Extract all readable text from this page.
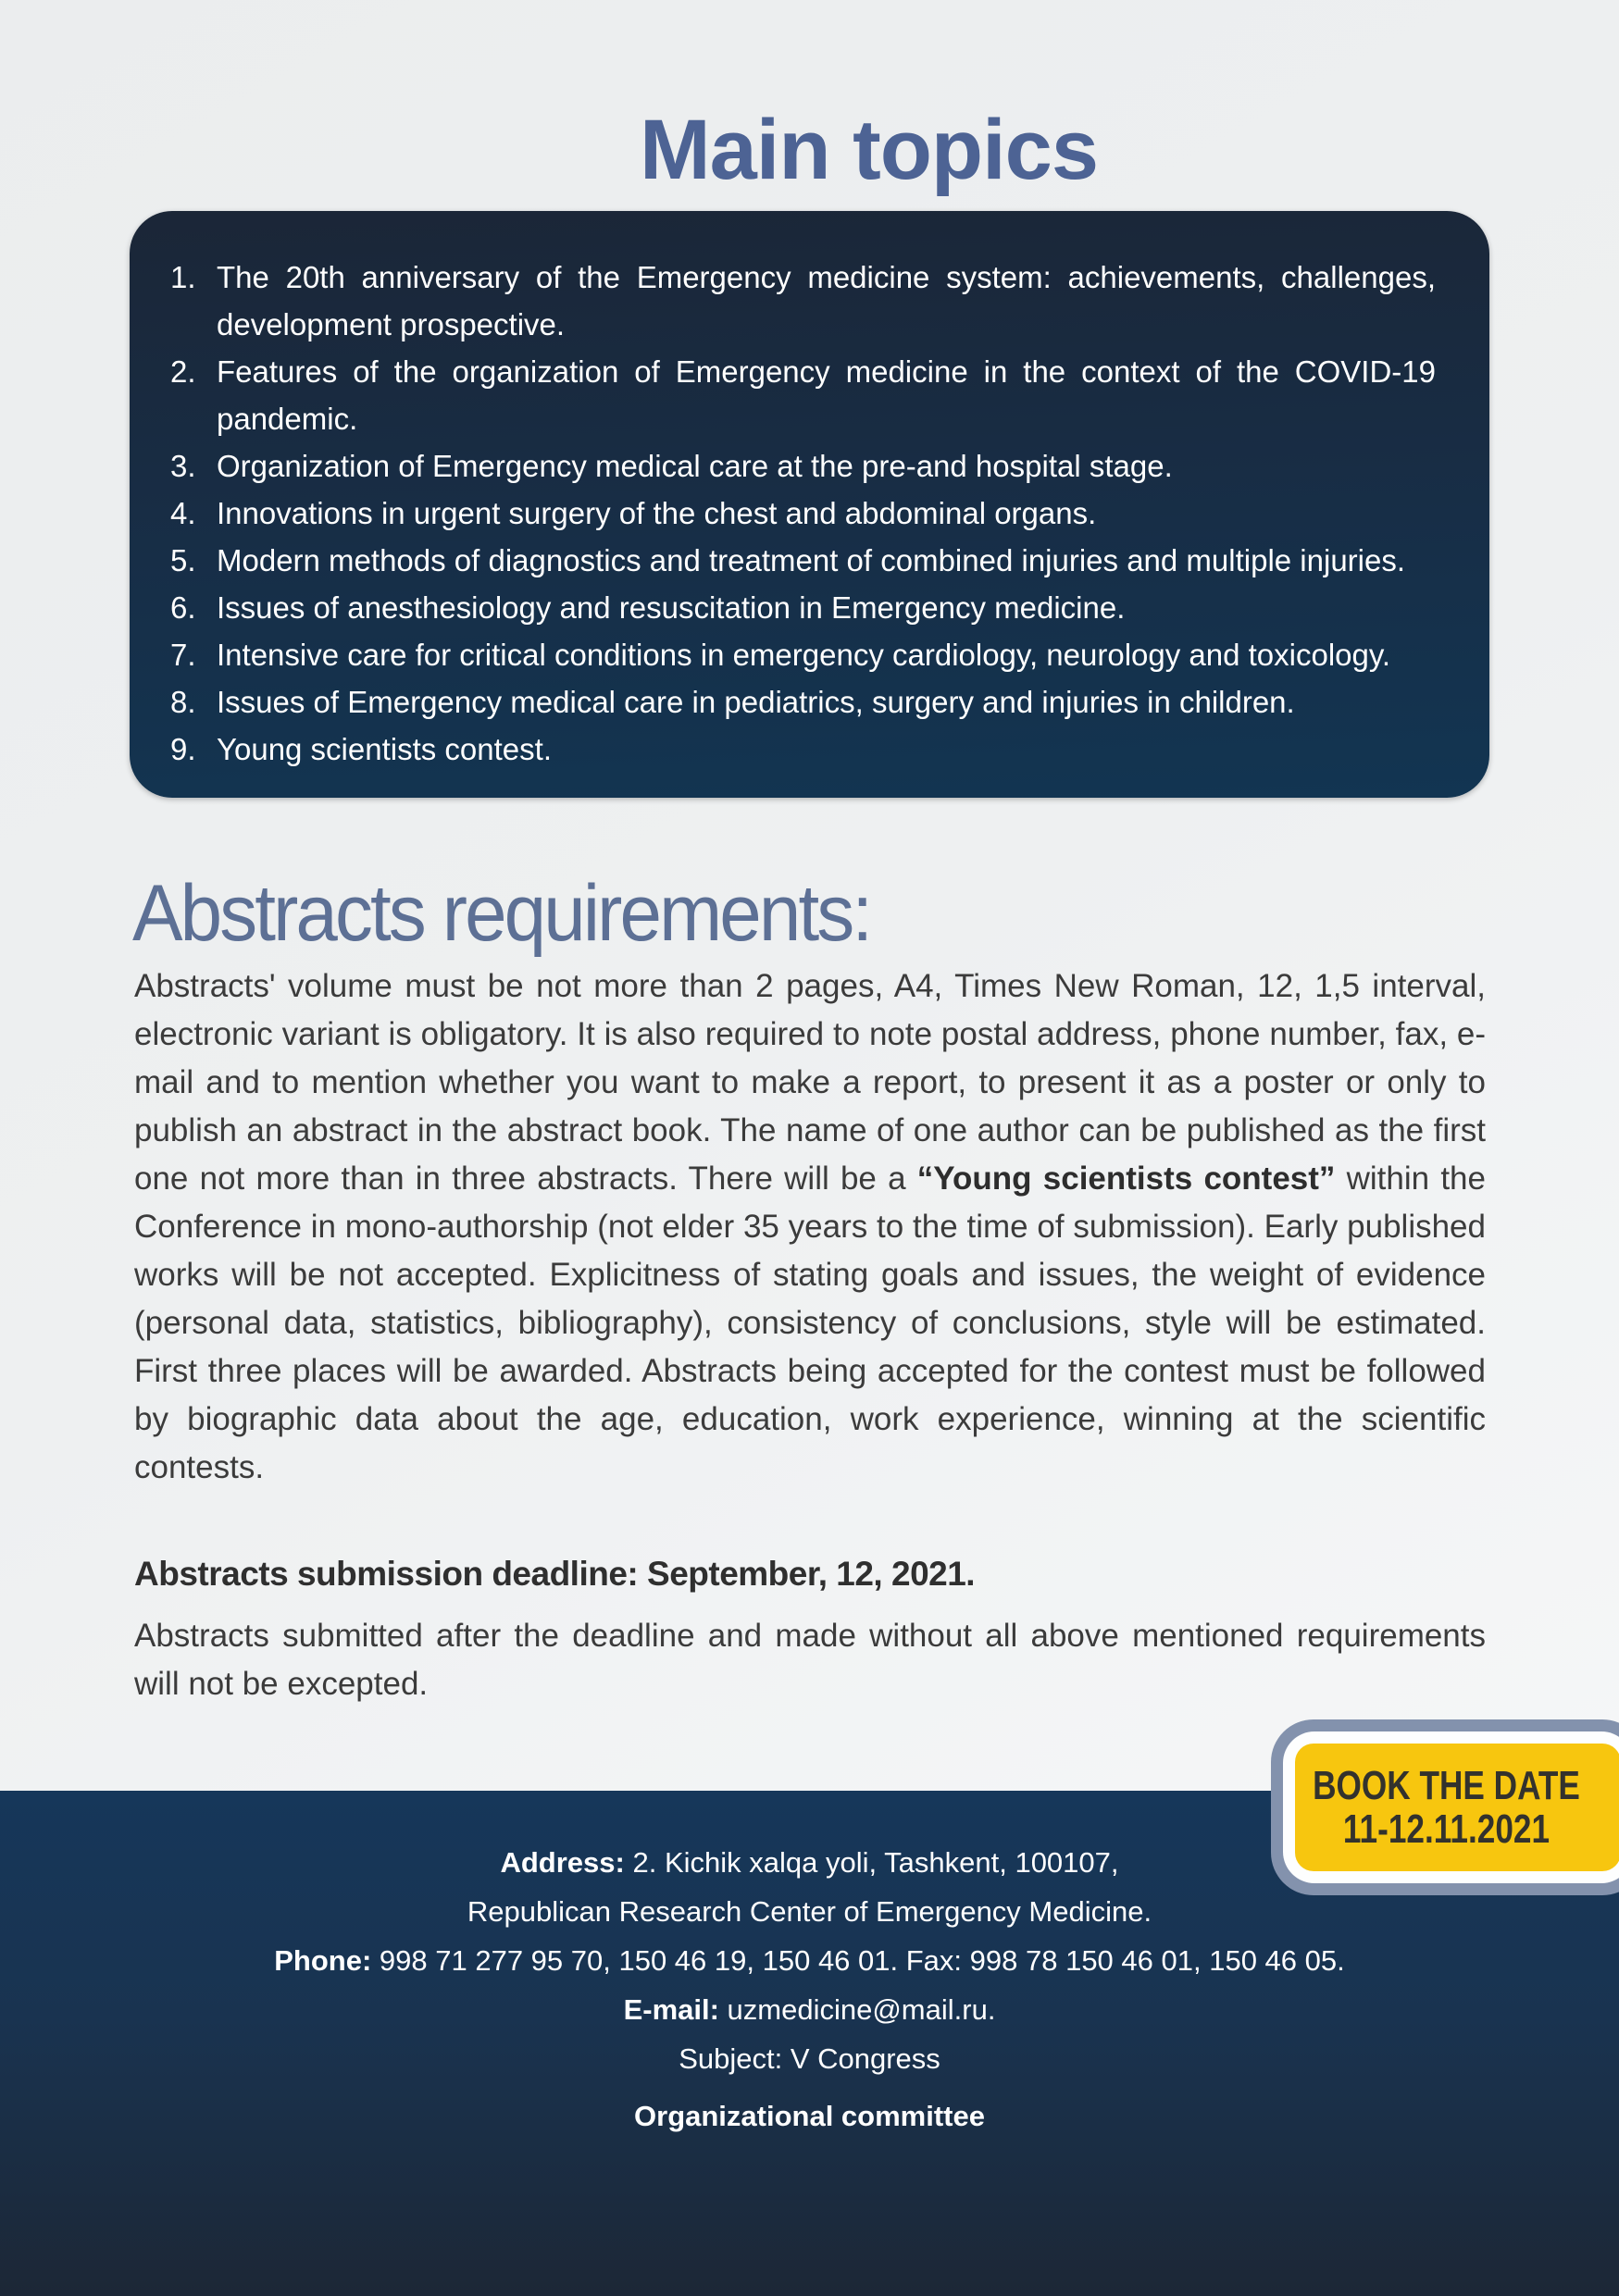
Main topics
The 20th anniversary of the Emergency medicine system: achievements, challenges, development prospective.
Features of the organization of Emergency medicine in the context of the COVID-19 pandemic.
Organization of Emergency medical care at the pre-and hospital stage.
Innovations in urgent surgery of the chest and abdominal organs.
Modern methods of diagnostics and treatment of combined injuries and multiple injuries.
Issues of anesthesiology and resuscitation in Emergency medicine.
Intensive care for critical conditions in emergency cardiology, neurology and toxicology.
Issues of Emergency medical care in pediatrics, surgery and injuries in children.
Young scientists contest.
Abstracts requirements:
Abstracts' volume must be not more than 2 pages, A4, Times New Roman, 12, 1,5 interval, electronic variant is obligatory. It is also required to note postal address, phone number, fax, e-mail and to mention whether you want to make a report, to present it as a poster or only to publish an abstract in the abstract book. The name of one author can be published as the first one not more than in three abstracts. There will be a “Young scientists contest” within the Conference in mono-authorship (not elder 35 years to the time of submission). Early published works will be not accepted. Explicitness of stating goals and issues, the weight of evidence (personal data, statistics, bibliography), consistency of conclusions, style will be estimated. First three places will be awarded. Abstracts being accepted for the contest must be followed by biographic data about the age, education, work experience, winning at the scientific contests.
Abstracts submission deadline: September, 12, 2021.
Abstracts submitted after the deadline and made without all above mentioned requirements will not be excepted.
Address: 2. Kichik xalqa yoli, Tashkent, 100107,
Republican Research Center of Emergency Medicine.
Phone: 998 71 277 95 70, 150 46 19, 150 46 01. Fax: 998 78 150 46 01, 150 46 05.
E-mail: uzmedicine@mail.ru.
Subject: V Congress
Organizational committee
BOOK THE DATE
11-12.11.2021
